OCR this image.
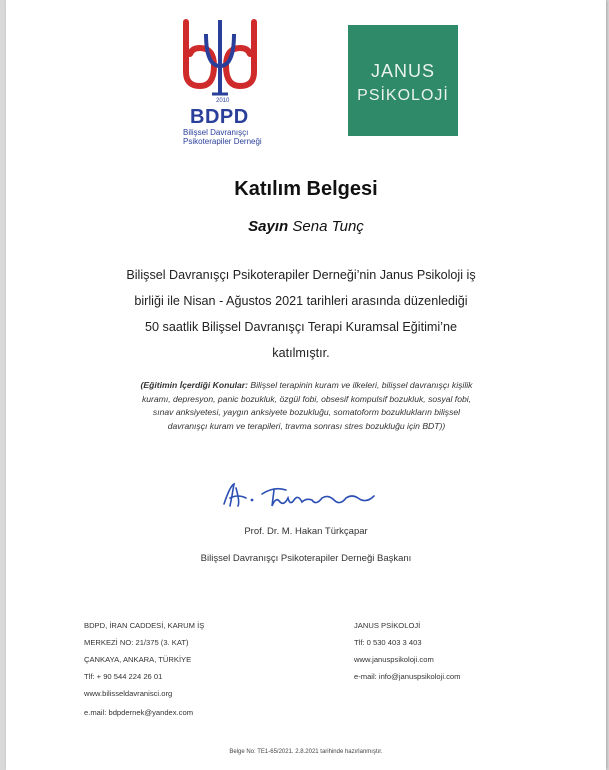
2010
BDPD
Bilişsel Davranışçı
Psikoterapiler Derneği
JANUS
PSİKOLOJİ
Katılım Belgesi
Sayın Sena Tunç
Bilişsel Davranışçı Psikoterapiler Derneği’nin Janus Psikoloji iş
birliği ile Nisan - Ağustos 2021 tarihleri arasında düzenlediği
50 saatlik Bilişsel Davranışçı Terapi Kuramsal Eğitimi’ne
katılmıştır.
(Eğitimin İçerdiği Konular: Bilişsel terapinin kuram ve ilkeleri, bilişsel davranışçı kişilik
kuramı, depresyon, panic bozukluk, özgül fobi, obsesif kompulsif bozukluk, sosyal fobi,
sınav anksiyetesi, yaygın anksiyete bozukluğu, somatoform bozuklukların bilişsel
davranışçı kuram ve terapileri, travma sonrası stres bozukluğu için BDT))
Prof. Dr. M. Hakan Türkçapar
Bilişsel Davranışçı Psikoterapiler Derneği Başkanı
BDPD, İRAN CADDESİ, KARUM İŞ
MERKEZİ NO: 21/375 (3. KAT)
ÇANKAYA, ANKARA, TÜRKİYE
Tlf: + 90 544 224 26 01
www.bilisseldavranisci.org
e.mail: bdpdernek@yandex.com
JANUS PSİKOLOJİ
Tlf: 0 530 403 3 403
www.januspsikoloji.com
e-mail: info@januspsikoloji.com
Belge No: TE1-65/2021. 2.8.2021 tarihinde hazırlanmıştır.
